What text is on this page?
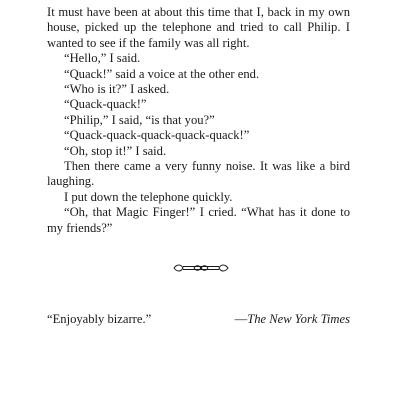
It must have been at about this time that I, back in my own house, picked up the telephone and tried to call Philip. I wanted to see if the family was all right.

“Hello,” I said.

“Quack!” said a voice at the other end.

“Who is it?” I asked.

“Quack-quack!”

“Philip,” I said, “is that you?”

“Quack-quack-quack-quack-quack!”

“Oh, stop it!” I said.

Then there came a very funny noise. It was like a bird laughing.

I put down the telephone quickly.

“Oh, that Magic Finger!” I cried. “What has it done to my friends?”

“Enjoyably bizarre.”	—The New York Times
